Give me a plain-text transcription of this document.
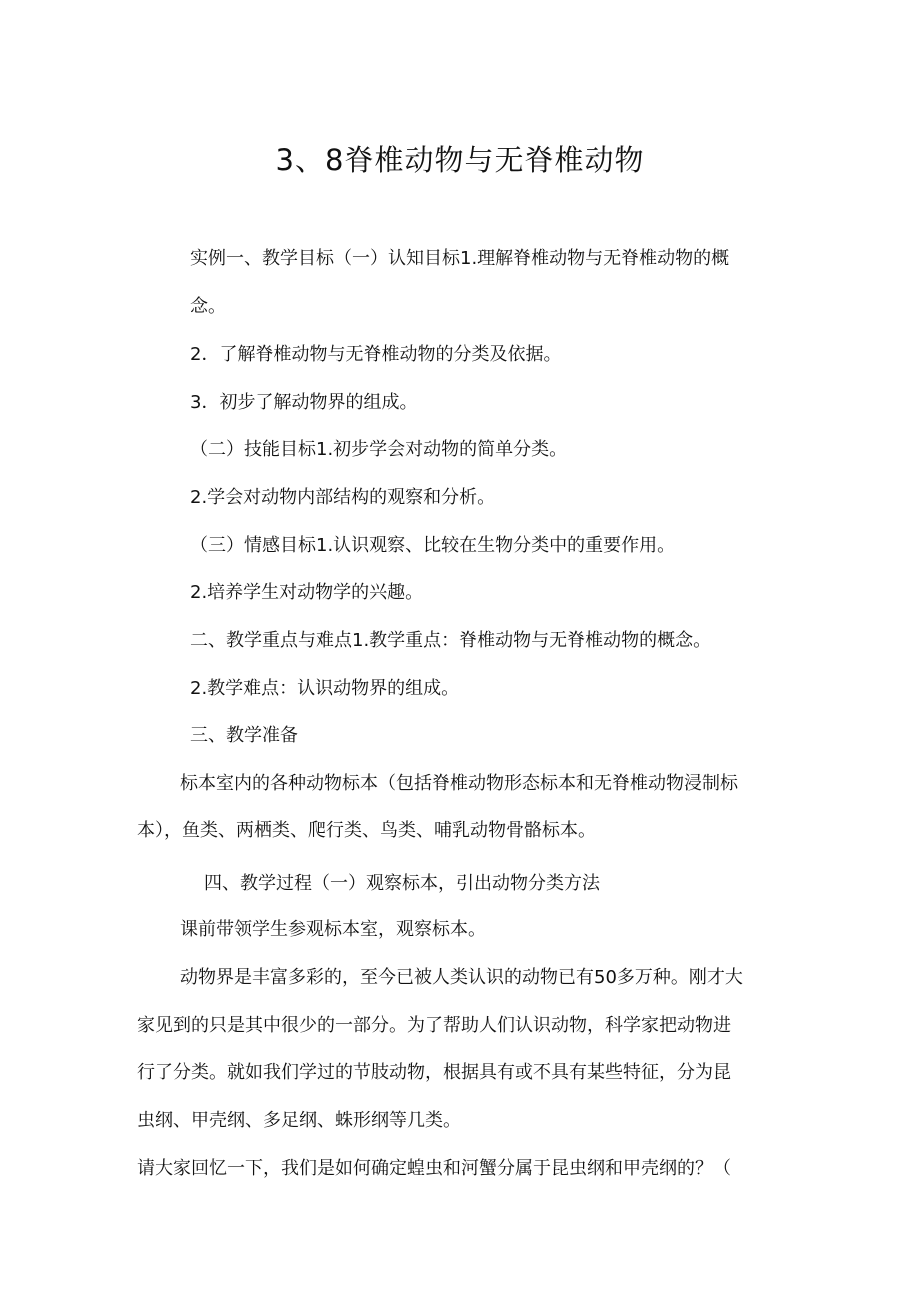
3、8脊椎动物与无脊椎动物

实例一、教学目标（一）认知目标1.理解脊椎动物与无脊椎动物的概

念。

2．了解脊椎动物与无脊椎动物的分类及依据。

3．初步了解动物界的组成。

（二）技能目标1.初步学会对动物的简单分类。

2.学会对动物内部结构的观察和分析。

（三）情感目标1.认识观察、比较在生物分类中的重要作用。

2.培养学生对动物学的兴趣。

二、教学重点与难点1.教学重点：脊椎动物与无脊椎动物的概念。

2.教学难点：认识动物界的组成。

三、教学准备

标本室内的各种动物标本（包括脊椎动物形态标本和无脊椎动物浸制标

本），鱼类、两栖类、爬行类、鸟类、哺乳动物骨骼标本。

四、教学过程（一）观察标本，引出动物分类方法

课前带领学生参观标本室，观察标本。

动物界是丰富多彩的，至今已被人类认识的动物已有50多万种。刚才大

家见到的只是其中很少的一部分。为了帮助人们认识动物，科学家把动物进

行了分类。就如我们学过的节肢动物，根据具有或不具有某些特征，分为昆

虫纲、甲壳纲、多足纲、蛛形纲等几类。

请大家回忆一下，我们是如何确定蝗虫和河蟹分属于昆虫纲和甲壳纲的？（
